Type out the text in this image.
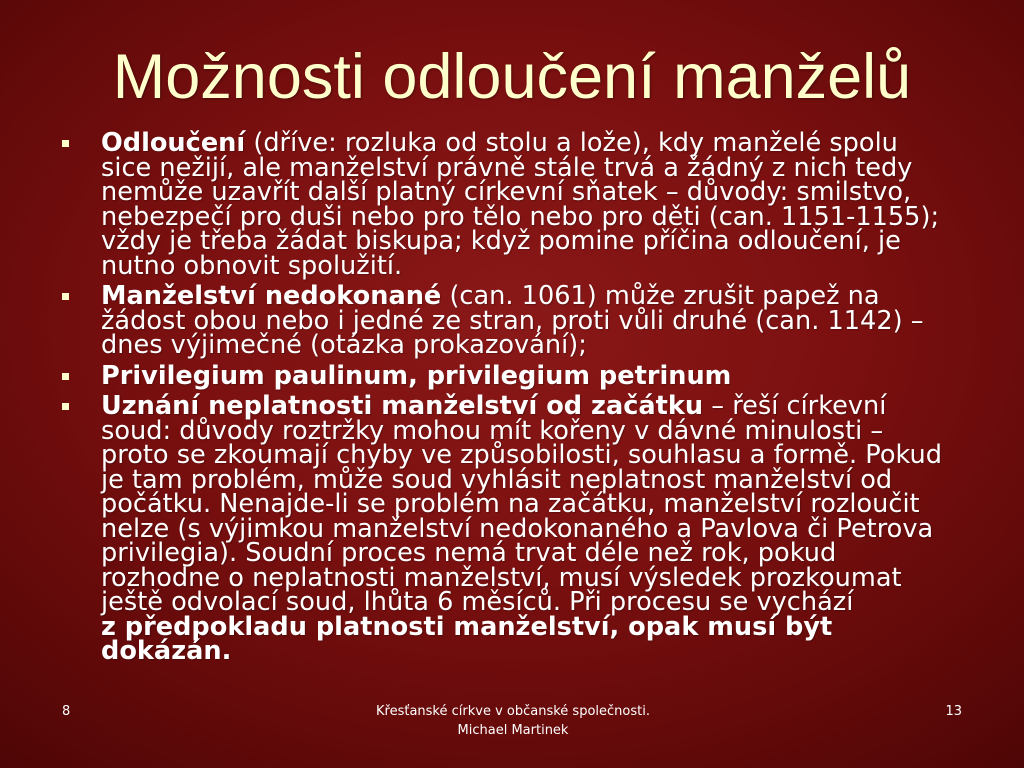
Možnosti odloučení manželů
Odloučení (dříve: rozluka od stolu a lože), kdy manželé spolu
sice nežijí, ale manželství právně stále trvá a žádný z nich tedy
nemůže uzavřít další platný církevní sňatek – důvody: smilstvo,
nebezpečí pro duši nebo pro tělo nebo pro děti (can. 1151-1155);
vždy je třeba žádat biskupa; když pomine příčina odloučení, je
nutno obnovit spolužití.
Manželství nedokonané (can. 1061) může zrušit papež na
žádost obou nebo i jedné ze stran, proti vůli druhé (can. 1142) –
dnes výjimečné (otázka prokazování);
Privilegium paulinum, privilegium petrinum
Uznání neplatnosti manželství od začátku – řeší církevní
soud: důvody roztržky mohou mít kořeny v dávné minulosti –
proto se zkoumají chyby ve způsobilosti, souhlasu a formě. Pokud
je tam problém, může soud vyhlásit neplatnost manželství od
počátku. Nenajde-li se problém na začátku, manželství rozloučit
nelze (s výjimkou manželství nedokonaného a Pavlova či Petrova
privilegia). Soudní proces nemá trvat déle než rok, pokud
rozhodne o neplatnosti manželství, musí výsledek prozkoumat
ještě odvolací soud, lhůta 6 měsíců. Při procesu se vychází
z předpokladu platnosti manželství, opak musí být
dokázán.
8	Křesťanské církve v občanské společnosti.
Michael Martinek
13
